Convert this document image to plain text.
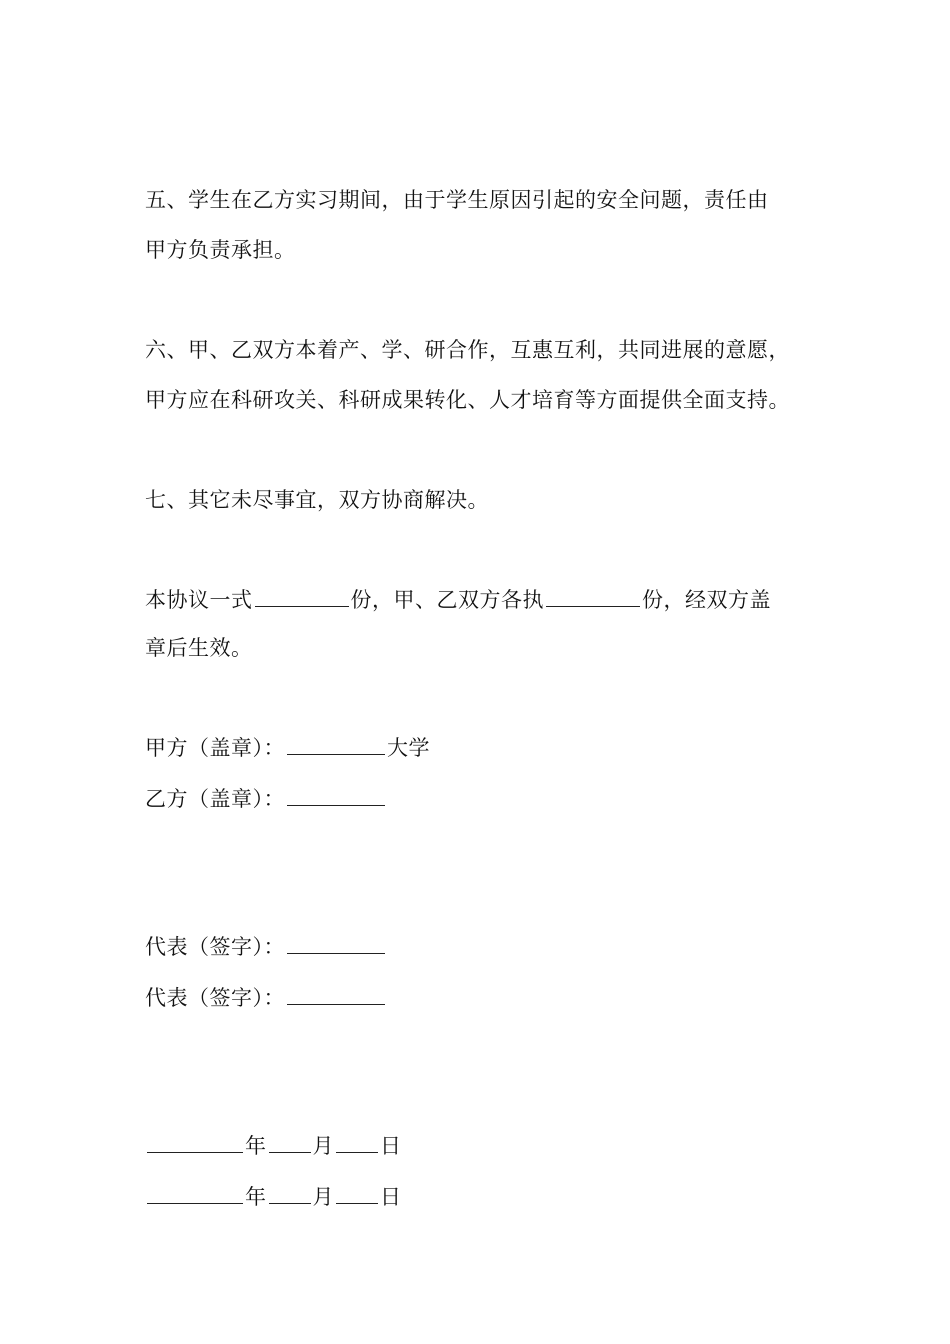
五、学生在乙方实习期间，由于学生原因引起的安全问题，责任由
甲方负责承担。
六、甲、乙双方本着产、学、研合作，互惠互利，共同进展的意愿，
甲方应在科研攻关、科研成果转化、人才培育等方面提供全面支持。
七、其它未尽事宜，双方协商解决。
本协议一式	份，甲、乙双方各执	份，经双方盖
章后生效。
甲方（盖章）：	大学
乙方（盖章）：
代表（签字）：
代表（签字）：
年 月 日
年 月 日
